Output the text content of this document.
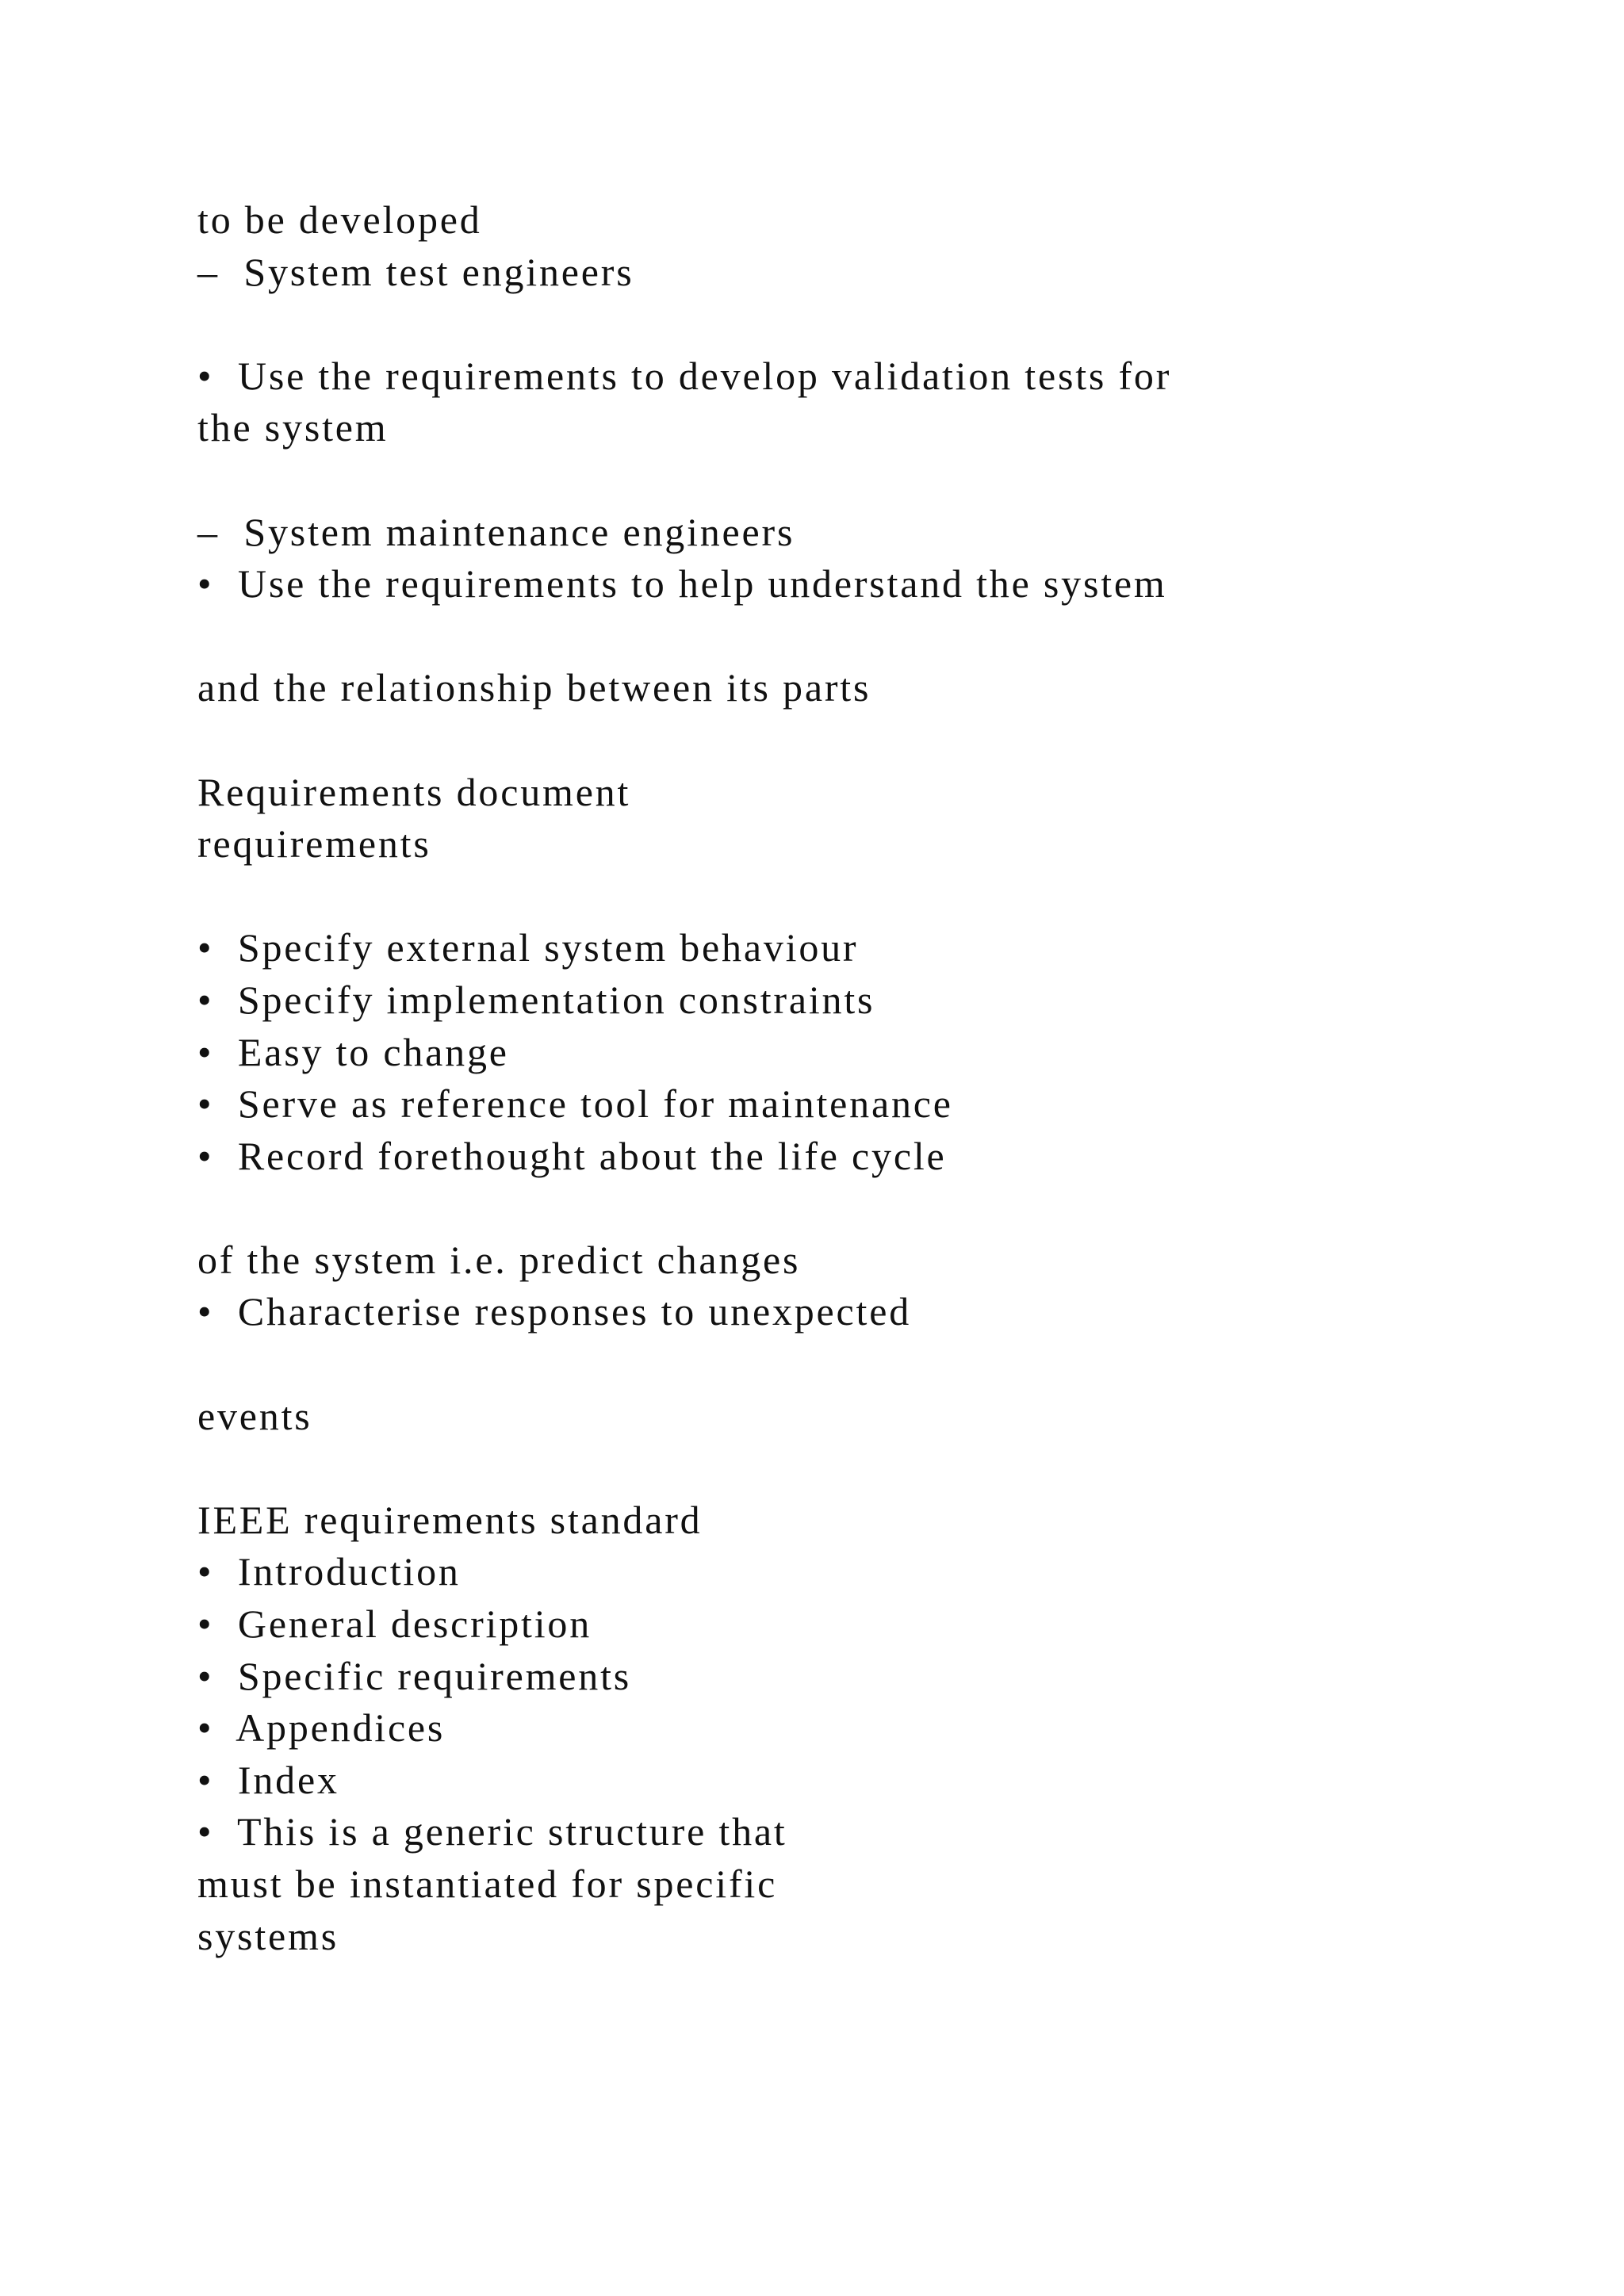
to be developed

–  System test engineers

•  Use the requirements to develop validation tests for

the system

–  System maintenance engineers

•  Use the requirements to help understand the system

and the relationship between its parts

Requirements document

requirements

•  Specify external system behaviour

•  Specify implementation constraints

•  Easy to change

•  Serve as reference tool for maintenance

•  Record forethought about the life cycle

of the system i.e. predict changes

•  Characterise responses to unexpected

events

IEEE requirements standard

•  Introduction

•  General description

•  Specific requirements

•  Appendices

•  Index

•  This is a generic structure that

must be instantiated for specific

systems
